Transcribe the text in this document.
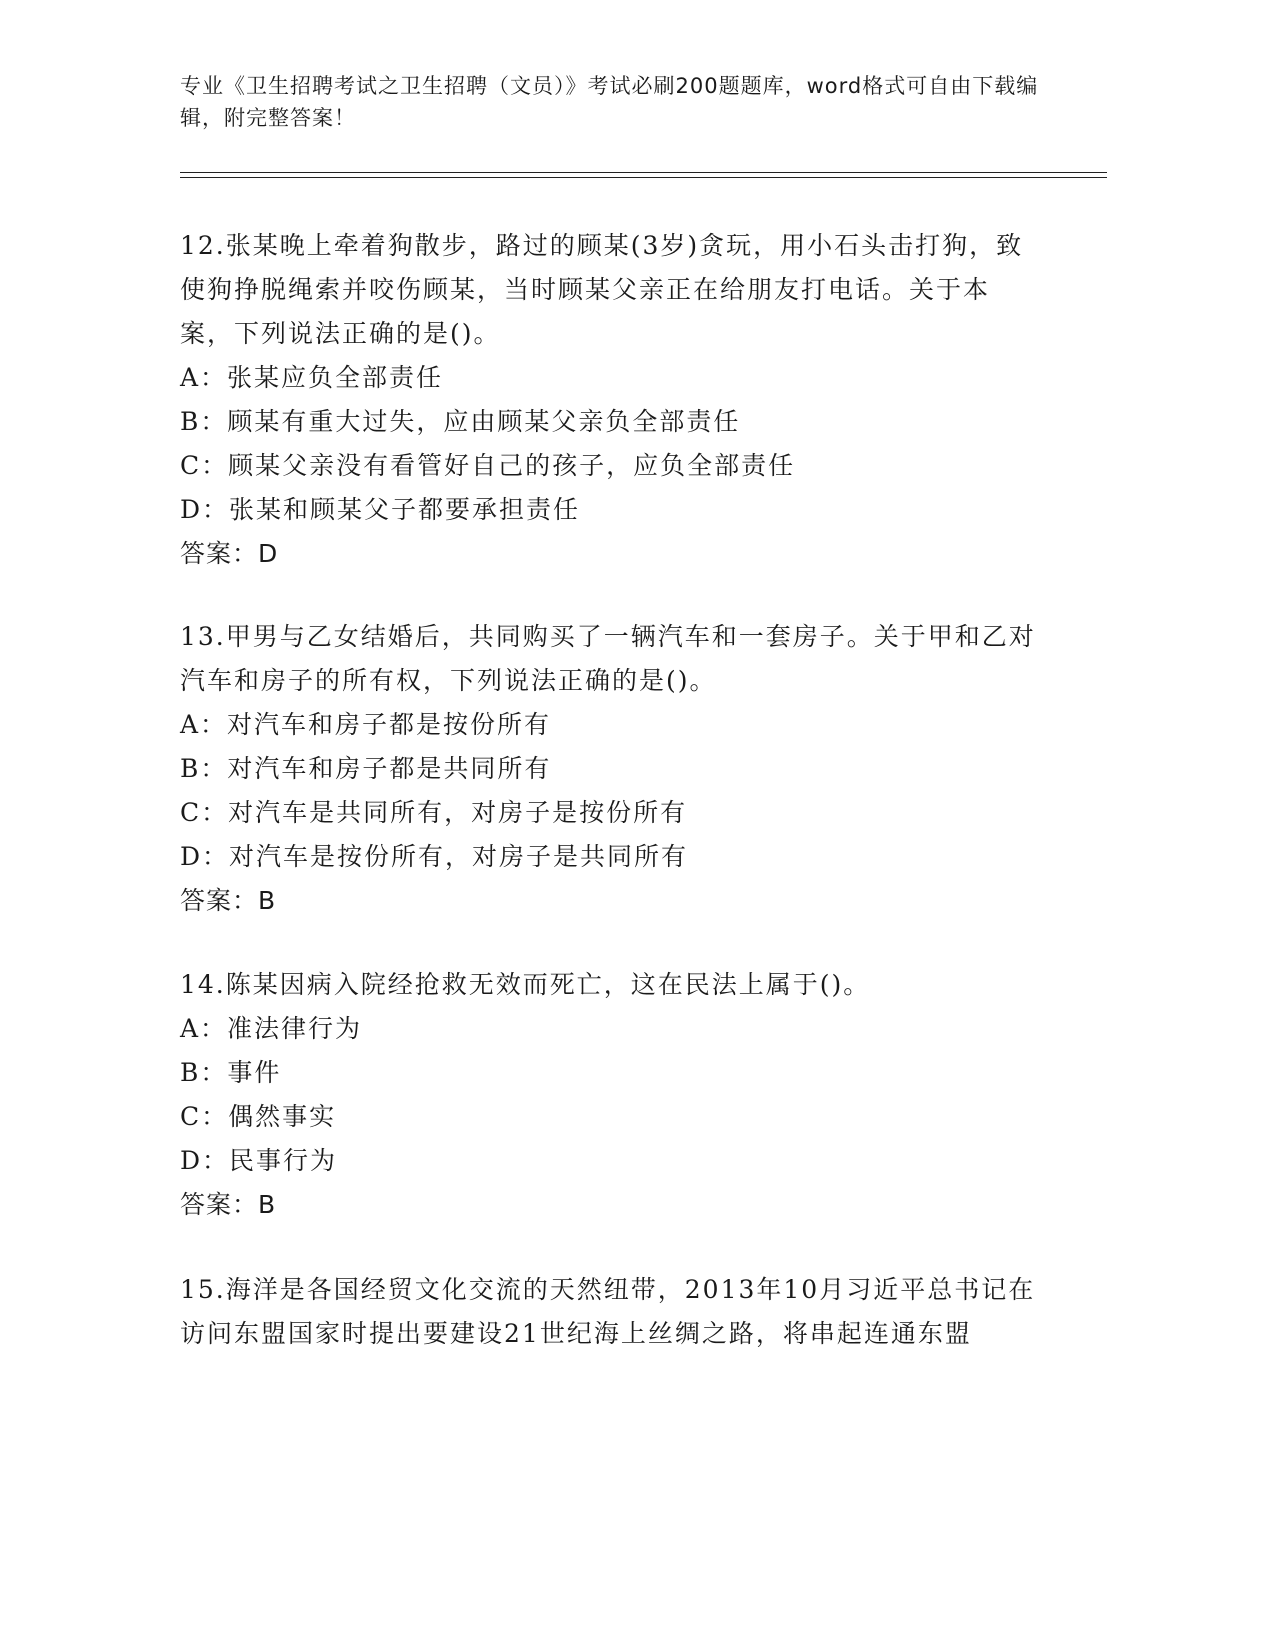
专业《卫生招聘考试之卫生招聘（文员）》考试必刷200题题库，word格式可自由下载编辑，附完整答案！
12.张某晚上牵着狗散步，路过的顾某(3岁)贪玩，用小石头击打狗，致使狗挣脱绳索并咬伤顾某，当时顾某父亲正在给朋友打电话。关于本案，下列说法正确的是()。
A：张某应负全部责任
B：顾某有重大过失，应由顾某父亲负全部责任
C：顾某父亲没有看管好自己的孩子，应负全部责任
D：张某和顾某父子都要承担责任
答案：D
13.甲男与乙女结婚后，共同购买了一辆汽车和一套房子。关于甲和乙对汽车和房子的所有权，下列说法正确的是()。
A：对汽车和房子都是按份所有
B：对汽车和房子都是共同所有
C：对汽车是共同所有，对房子是按份所有
D：对汽车是按份所有，对房子是共同所有
答案：B
14.陈某因病入院经抢救无效而死亡，这在民法上属于()。
A：准法律行为
B：事件
C：偶然事实
D：民事行为
答案：B
15.海洋是各国经贸文化交流的天然纽带，2013年10月习近平总书记在访问东盟国家时提出要建设21世纪海上丝绸之路，将串起连通东盟
